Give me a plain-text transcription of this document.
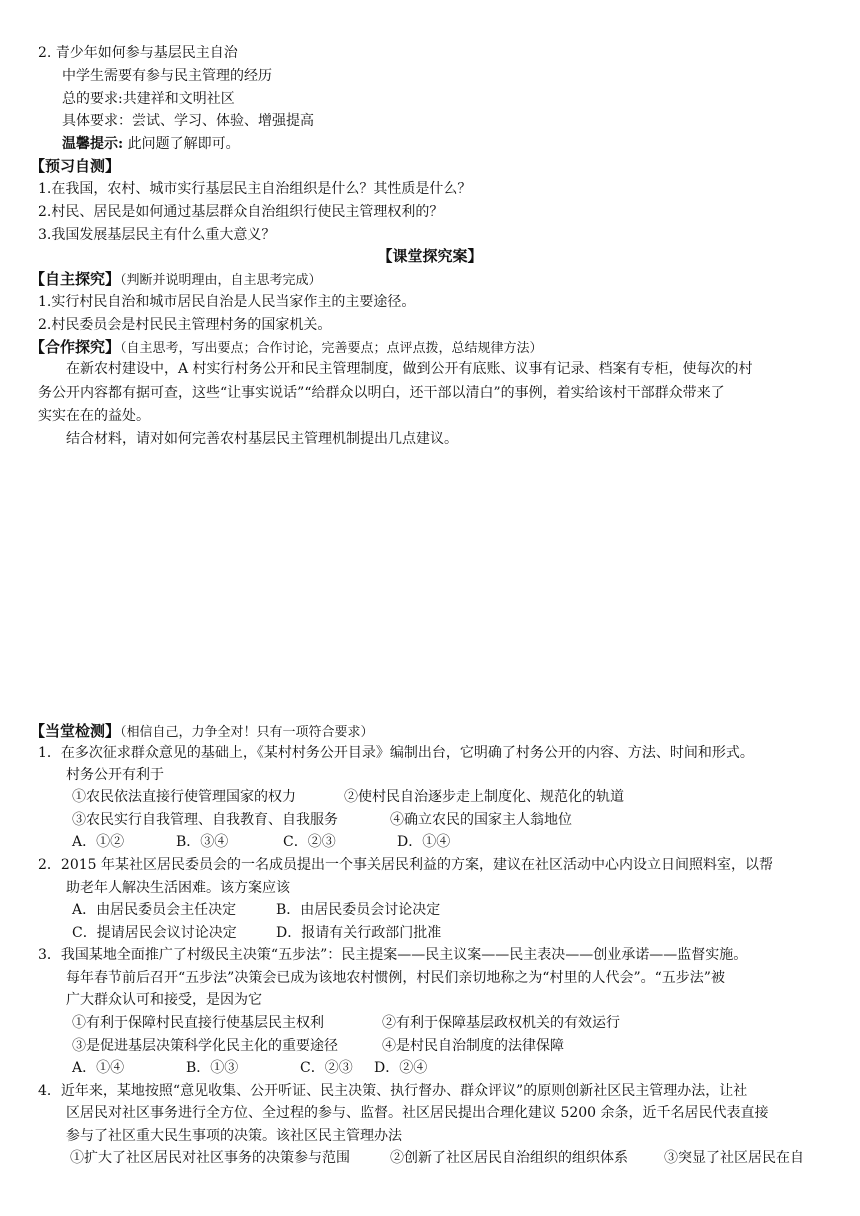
2. 青少年如何参与基层民主自治
中学生需要有参与民主管理的经历
总的要求:共建祥和文明社区
具体要求：尝试、学习、体验、增强提高
温馨提示: 此问题了解即可。
【预习自测】
1.在我国，农村、城市实行基层民主自治组织是什么？其性质是什么？
2.村民、居民是如何通过基层群众自治组织行使民主管理权利的？
3.我国发展基层民主有什么重大意义？
【课堂探究案】
【自主探究】（判断并说明理由，自主思考完成）
1.实行村民自治和城市居民自治是人民当家作主的主要途径。
2.村民委员会是村民民主管理村务的国家机关。
【合作探究】（自主思考，写出要点；合作讨论，完善要点；点评点拨，总结规律方法）
在新农村建设中，A 村实行村务公开和民主管理制度，做到公开有底账、议事有记录、档案有专柜，使每次的村
务公开内容都有据可查，这些“让事实说话”“给群众以明白，还干部以清白”的事例，着实给该村干部群众带来了
实实在在的益处。
结合材料，请对如何完善农村基层民主管理机制提出几点建议。
【当堂检测】（相信自己，力争全对！只有一项符合要求）
1．在多次征求群众意见的基础上，《某村村务公开目录》编制出台，它明确了村务公开的内容、方法、时间和形式。
村务公开有利于
①农民依法直接行使管理国家的权力	②使村民自治逐步走上制度化、规范化的轨道
③农民实行自我管理、自我教育、自我服务	④确立农民的国家主人翁地位
A．①②	B．③④	C．②③	D．①④
2．2015 年某社区居民委员会的一名成员提出一个事关居民利益的方案，建议在社区活动中心内设立日间照料室，以帮
助老年人解决生活困难。该方案应该
A．由居民委员会主任决定	B．由居民委员会讨论决定
C．提请居民会议讨论决定	D．报请有关行政部门批准
3．我国某地全面推广了村级民主决策“五步法”：民主提案——民主议案——民主表决——创业承诺——监督实施。
每年春节前后召开“五步法”决策会已成为该地农村惯例，村民们亲切地称之为“村里的人代会”。“五步法”被
广大群众认可和接受，是因为它
①有利于保障村民直接行使基层民主权利	②有利于保障基层政权机关的有效运行
③是促进基层决策科学化民主化的重要途径	④是村民自治制度的法律保障
A．①④	B．①③	C．②③ D．②④
4．近年来，某地按照“意见收集、公开听证、民主决策、执行督办、群众评议”的原则创新社区民主管理办法，让社
区居民对社区事务进行全方位、全过程的参与、监督。社区居民提出合理化建议 5200 余条，近千名居民代表直接
参与了社区重大民生事项的决策。该社区民主管理办法
①扩大了社区居民对社区事务的决策参与范围	②创新了社区居民自治组织的组织体系	③突显了社区居民在自
